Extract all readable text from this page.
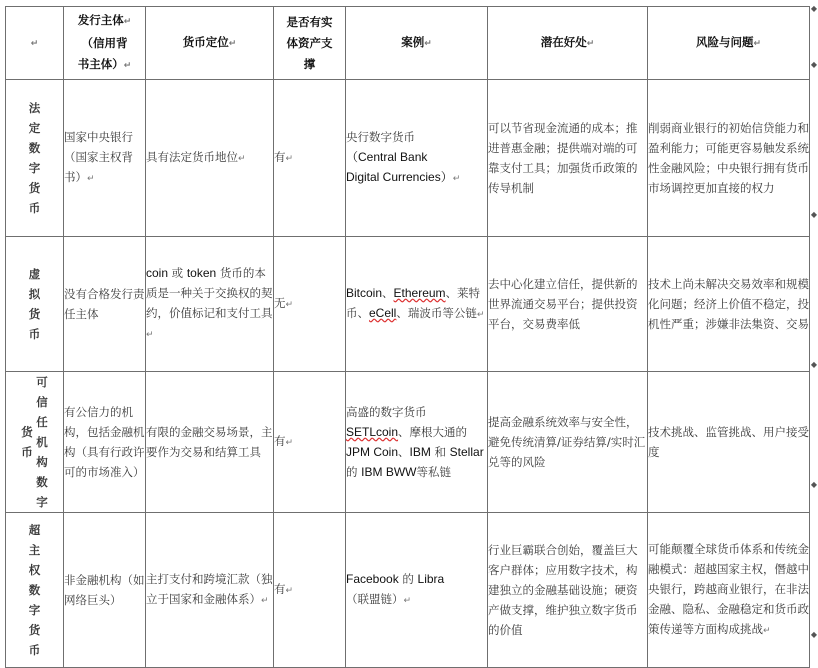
↵	发行主体↵
（信用背
书主体）↵	货币定位↵	是否有实体资产支撑	案例↵	潜在好处↵	风险与问题↵
法定数字货币	国家中央银行（国家主权背书）↵	具有法定货币地位↵	有↵	央行数字货币
（Central Bank
Digital Currencies）↵	可以节省现金流通的成本；推进普惠金融；提供端对端的可靠支付工具；加强货币政策的传导机制	削弱商业银行的初始信贷能力和盈利能力；可能更容易触发系统性金融风险；中央银行拥有货币市场调控更加直接的权力
虚拟货币	没有合格发行责任主体	coin 或 token 货币的本质是一种关于交换权的契约，价值标记和支付工具↵	无↵	Bitcoin、Ethereum、莱特币、eCell、瑞波币等公链↵	去中心化建立信任，提供新的世界流通交易平台；提供投资平台，交易费率低	技术上尚未解决交易效率和规模化问题；经济上价值不稳定，投机性严重；涉嫌非法集资、交易
货币可信任机构数字	有公信力的机构，包括金融机构（具有行政许可的市场准入）	有限的金融交易场景，主要作为交易和结算工具	有↵	高盛的数字货币
SETLcoin、摩根大通的 JPM Coin、IBM 和 Stellar 的 IBM BWW等私链	提高金融系统效率与安全性，避免传统清算/证券结算/实时汇兑等的风险	技术挑战、监管挑战、用户接受度
超主权数字货币	非金融机构（如网络巨头）	主打支付和跨境汇款（独立于国家和金融体系）↵	有↵	Facebook 的 Libra
（联盟链）↵	行业巨霸联合创始，覆盖巨大客户群体；应用数字技术，构建独立的金融基础设施；硬资产做支撑，维护独立数字货币的价值	可能颠覆全球货币体系和传统金融模式：超越国家主权，僭越中央银行，跨越商业银行，在非法金融、隐私、金融稳定和货币政策传递等方面构成挑战↵
◆
◆
◆
◆
◆
◆
